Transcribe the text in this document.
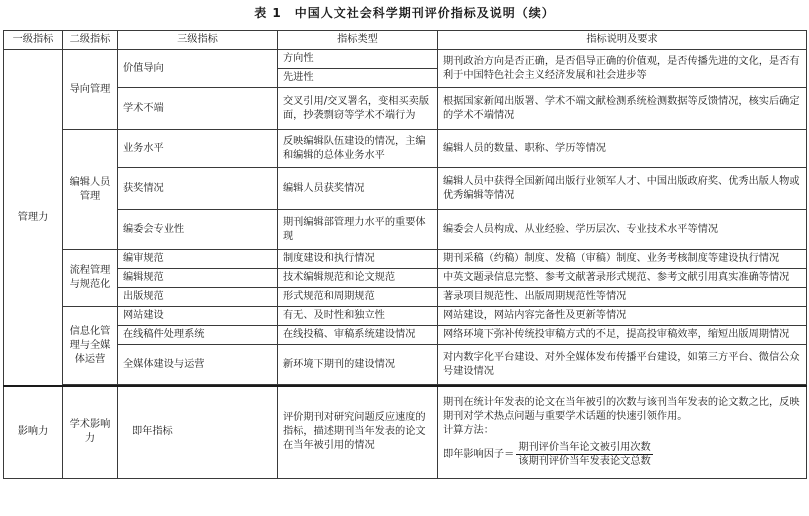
表 1　中国人文社会科学期刊评价指标及说明（续）
一级指标	二级指标	三级指标	指标类型	指标说明及要求
管理力	导向管理	价值导向	方向性	期刊政治方向是否正确，是否倡导正确的价值观，是否传播先进的文化，是否有利于中国特色社会主义经济发展和社会进步等
			先进性	
		学术不端	交叉引用/交叉署名，变相买卖版面，抄袭剽窃等学术不端行为	根据国家新闻出版署、学术不端文献检测系统检测数据等反馈情况，核实后确定的学术不端情况
	编辑人员管理	业务水平	反映编辑队伍建设的情况，主编和编辑的总体业务水平	编辑人员的数量、职称、学历等情况
		获奖情况	编辑人员获奖情况	编辑人员中获得全国新闻出版行业领军人才、中国出版政府奖、优秀出版人物或优秀编辑等情况
		编委会专业性	期刊编辑部管理力水平的重要体现	编委会人员构成、从业经验、学历层次、专业技术水平等情况
	流程管理与规范化	编审规范	制度建设和执行情况	期刊采稿（约稿）制度、发稿（审稿）制度、业务考核制度等建设执行情况
		编辑规范	技术编辑规范和论文规范	中英文题录信息完整、参考文献著录形式规范、参考文献引用真实准确等情况
		出版规范	形式规范和周期规范	著录项目规范性、出版周期规范性等情况
	信息化管理与全媒体运营	网站建设	有无、及时性和独立性	网站建设，网站内容完备性及更新等情况
		在线稿件处理系统	在线投稿、审稿系统建设情况	网络环境下弥补传统投审稿方式的不足，提高投审稿效率，缩短出版周期情况
		全媒体建设与运营	新环境下期刊的建设情况	对内数字化平台建设、对外全媒体发布传播平台建设，如第三方平台、微信公众号建设情况

影响力	学术影响力	即年指标	评价期刊对研究问题反应速度的指标，描述期刊当年发表的论文在当年被引用的情况	期刊在统计年发表的论文在当年被引的次数与该刊当年发表的论文数之比，反映期刊对学术热点问题与重要学术话题的快速引领作用。
计算方法：
即年影响因子＝ $\frac{\text{期刊评价当年论文被引用次数}}{\text{该期刊评价当年发表论文总数}}$
